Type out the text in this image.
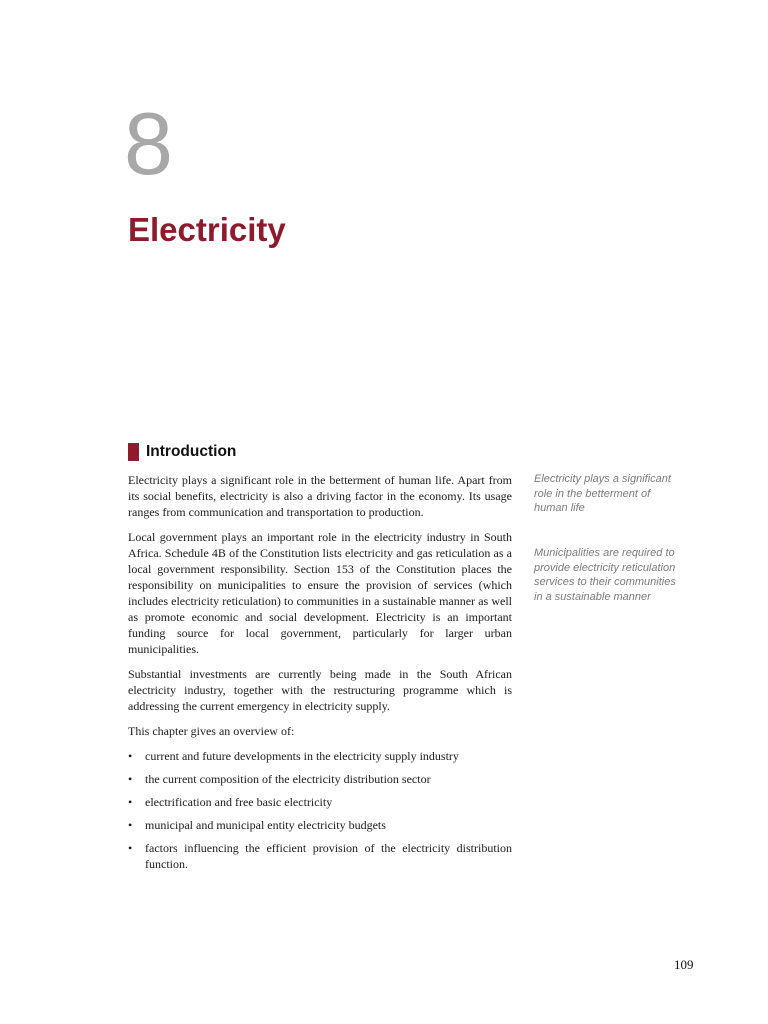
8
Electricity
Introduction

Electricity plays a significant role in the betterment of human life. Apart from its social benefits, electricity is also a driving factor in the economy. Its usage ranges from communication and transportation to production.

Local government plays an important role in the electricity industry in South Africa. Schedule 4B of the Constitution lists electricity and gas reticulation as a local government responsibility. Section 153 of the Constitution places the responsibility on municipalities to ensure the provision of services (which includes electricity reticulation) to communities in a sustainable manner as well as promote economic and social development. Electricity is an important funding source for local government, particularly for larger urban municipalities.

Substantial investments are currently being made in the South African electricity industry, together with the restructuring programme which is addressing the current emergency in electricity supply.

This chapter gives an overview of:

• current and future developments in the electricity supply industry
• the current composition of the electricity distribution sector
• electrification and free basic electricity
• municipal and municipal entity electricity budgets
• factors influencing the efficient provision of the electricity distribution function.
Electricity plays a significant role in the betterment of human life
Municipalities are required to provide electricity reticulation services to their communities in a sustainable manner
109
